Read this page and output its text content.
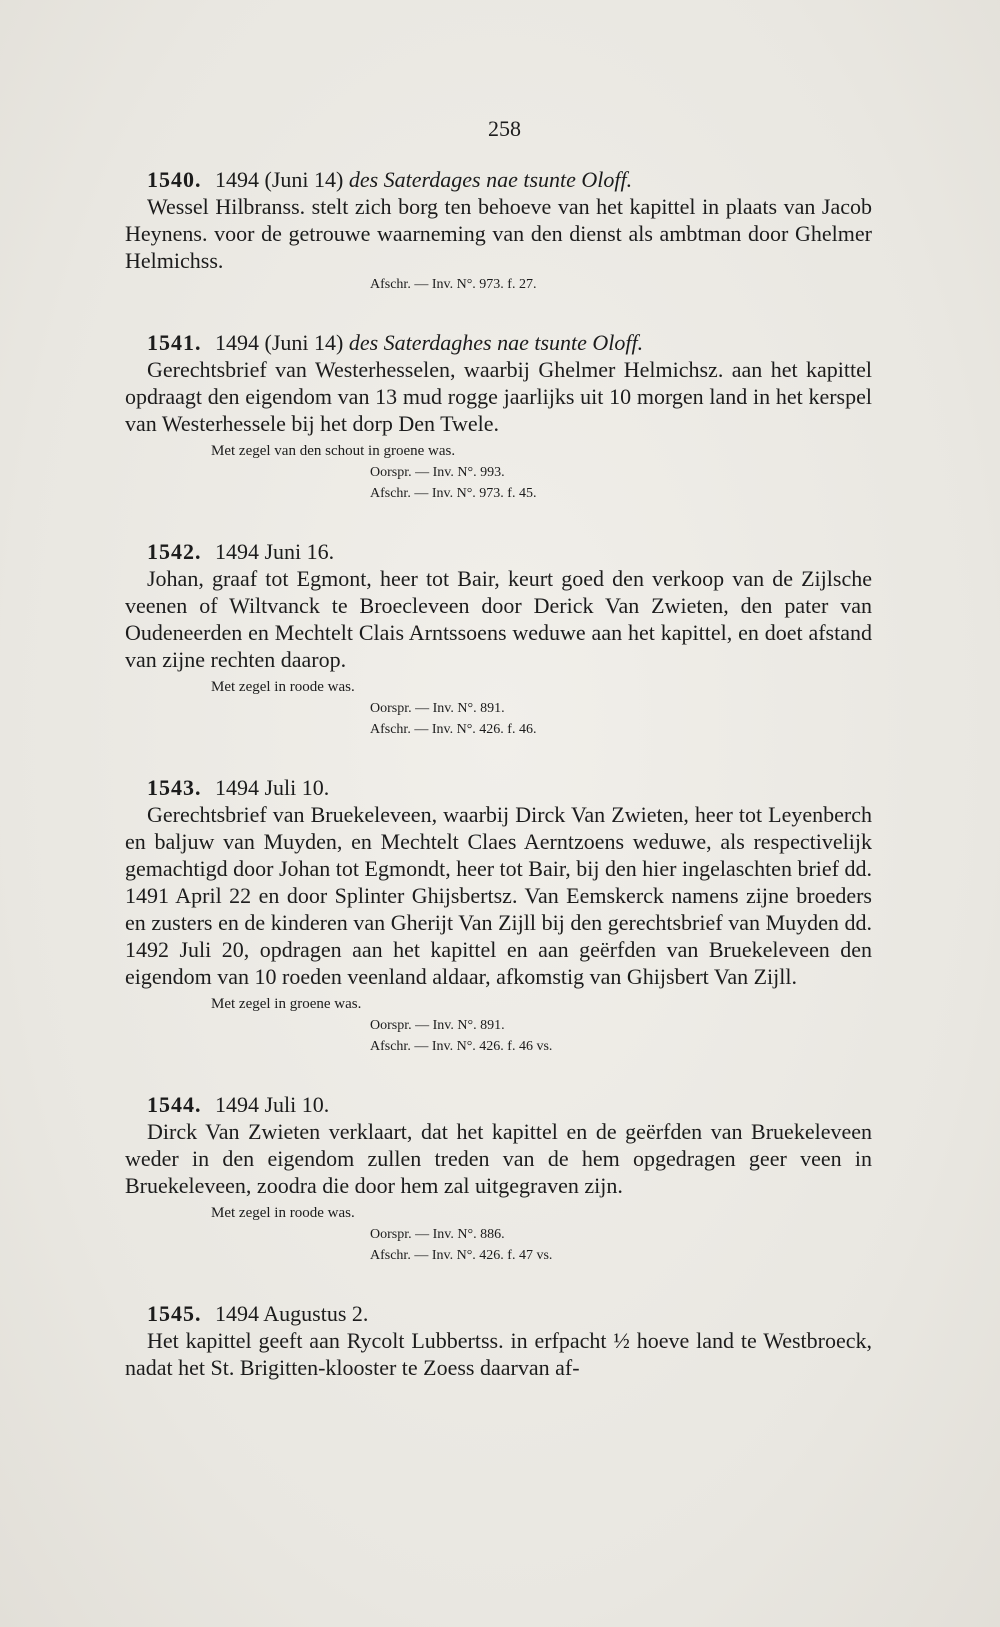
258
1540. 1494 (Juni 14) des Saterdages nae tsunte Oloff.

Wessel Hilbranss. stelt zich borg ten behoeve van het kapittel in plaats van Jacob Heynens. voor de getrouwe waarneming van den dienst als ambtman door Ghelmer Helmichss.

Afschr. — Inv. N°. 973. f. 27.
1541. 1494 (Juni 14) des Saterdaghes nae tsunte Oloff.

Gerechtsbrief van Westerhesselen, waarbij Ghelmer Helmichsz. aan het kapittel opdraagt den eigendom van 13 mud rogge jaarlijks uit 10 morgen land in het kerspel van Westerhessele bij het dorp Den Twele.

Met zegel van den schout in groene was.
Oorspr. — Inv. N°. 993.
Afschr. — Inv. N°. 973. f. 45.
1542. 1494 Juni 16.

Johan, graaf tot Egmont, heer tot Bair, keurt goed den verkoop van de Zijlsche veenen of Wiltvanck te Broecleveen door Derick Van Zwieten, den pater van Oudeneerden en Mechtelt Clais Arntssoens weduwe aan het kapittel, en doet afstand van zijne rechten daarop.

Met zegel in roode was.
Oorspr. — Inv. N°. 891.
Afschr. — Inv. N°. 426. f. 46.
1543. 1494 Juli 10.

Gerechtsbrief van Bruekeleveen, waarbij Dirck Van Zwieten, heer tot Leyenberch en baljuw van Muyden, en Mechtelt Claes Aerntzoens weduwe, als respectivelijk gemachtigd door Johan tot Egmondt, heer tot Bair, bij den hier ingelaschten brief dd. 1491 April 22 en door Splinter Ghijsbertsz. Van Eemskerck namens zijne broeders en zusters en de kinderen van Gherijt Van Zijll bij den gerechtsbrief van Muyden dd. 1492 Juli 20, opdragen aan het kapittel en aan geërfden van Bruekeleveen den eigendom van 10 roeden veenland aldaar, afkomstig van Ghijsbert Van Zijll.

Met zegel in groene was.
Oorspr. — Inv. N°. 891.
Afschr. — Inv. N°. 426. f. 46 vs.
1544. 1494 Juli 10.

Dirck Van Zwieten verklaart, dat het kapittel en de geërfden van Bruekeleveen weder in den eigendom zullen treden van de hem opgedragen geer veen in Bruekeleveen, zoodra die door hem zal uitgegraven zijn.

Met zegel in roode was.
Oorspr. — Inv. N°. 886.
Afschr. — Inv. N°. 426. f. 47 vs.
1545. 1494 Augustus 2.

Het kapittel geeft aan Rycolt Lubbertss. in erfpacht ½ hoeve land te Westbroeck, nadat het St. Brigitten-klooster te Zoess daarvan af-
